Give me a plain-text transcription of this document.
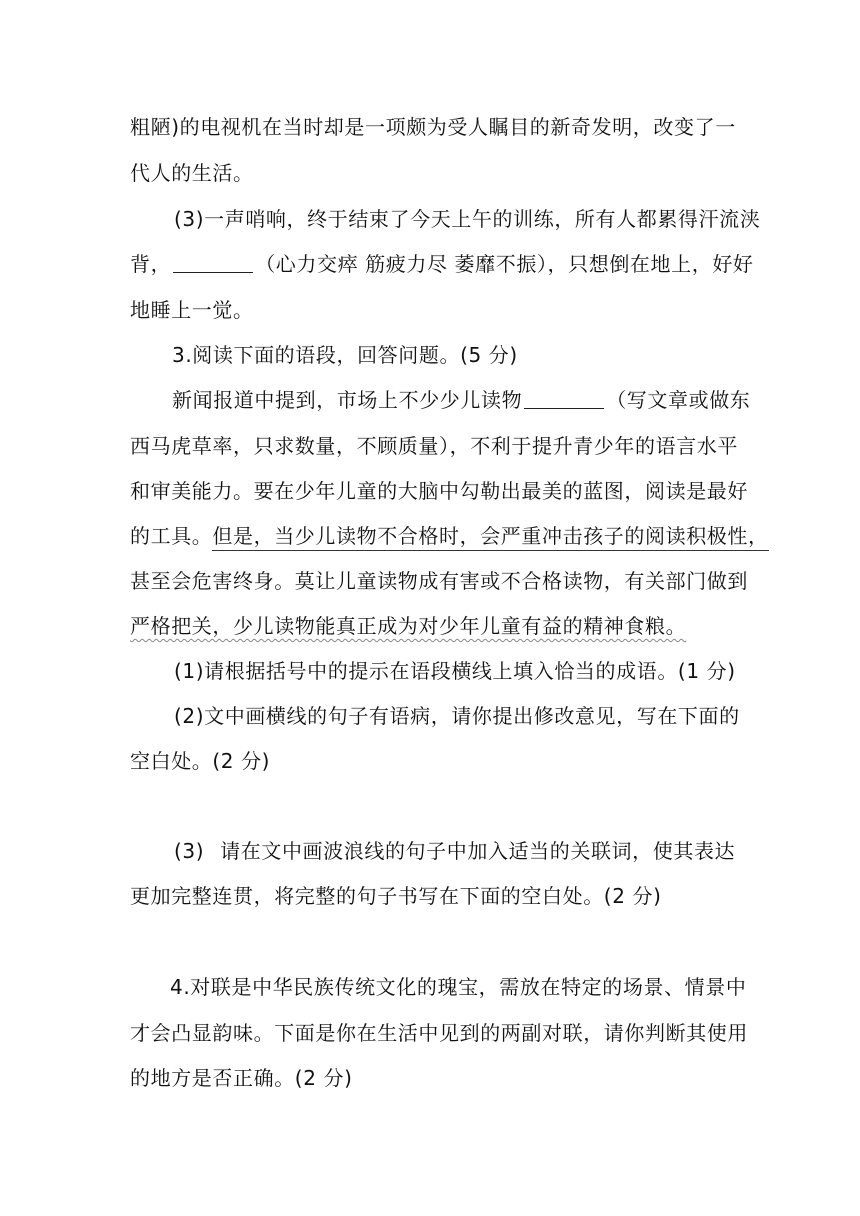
粗陋)的电视机在当时却是一项颇为受人瞩目的新奇发明，改变了一
代人的生活。
(3)一声哨响，终于结束了今天上午的训练，所有人都累得汗流浃
背，	（心力交瘁 筋疲力尽 萎靡不振），只想倒在地上，好好
地睡上一觉。
3.阅读下面的语段，回答问题。(5 分)
新闻报道中提到，市场上不少少儿读物	（写文章或做东
西马虎草率，只求数量，不顾质量），不利于提升青少年的语言水平
和审美能力。要在少年儿童的大脑中勾勒出最美的蓝图，阅读是最好
的工具。但是，当少儿读物不合格时，会严重冲击孩子的阅读积极性，
甚至会危害终身。莫让儿童读物成有害或不合格读物，有关部门做到
严格把关，少儿读物能真正成为对少年儿童有益的精神食粮。
(1)请根据括号中的提示在语段横线上填入恰当的成语。(1 分)
(2)文中画横线的句子有语病，请你提出修改意见，写在下面的
空白处。(2 分)
(3) 请在文中画波浪线的句子中加入适当的关联词，使其表达
更加完整连贯，将完整的句子书写在下面的空白处。(2 分)
4.对联是中华民族传统文化的瑰宝，需放在特定的场景、情景中
才会凸显韵味。下面是你在生活中见到的两副对联，请你判断其使用
的地方是否正确。(2 分)
